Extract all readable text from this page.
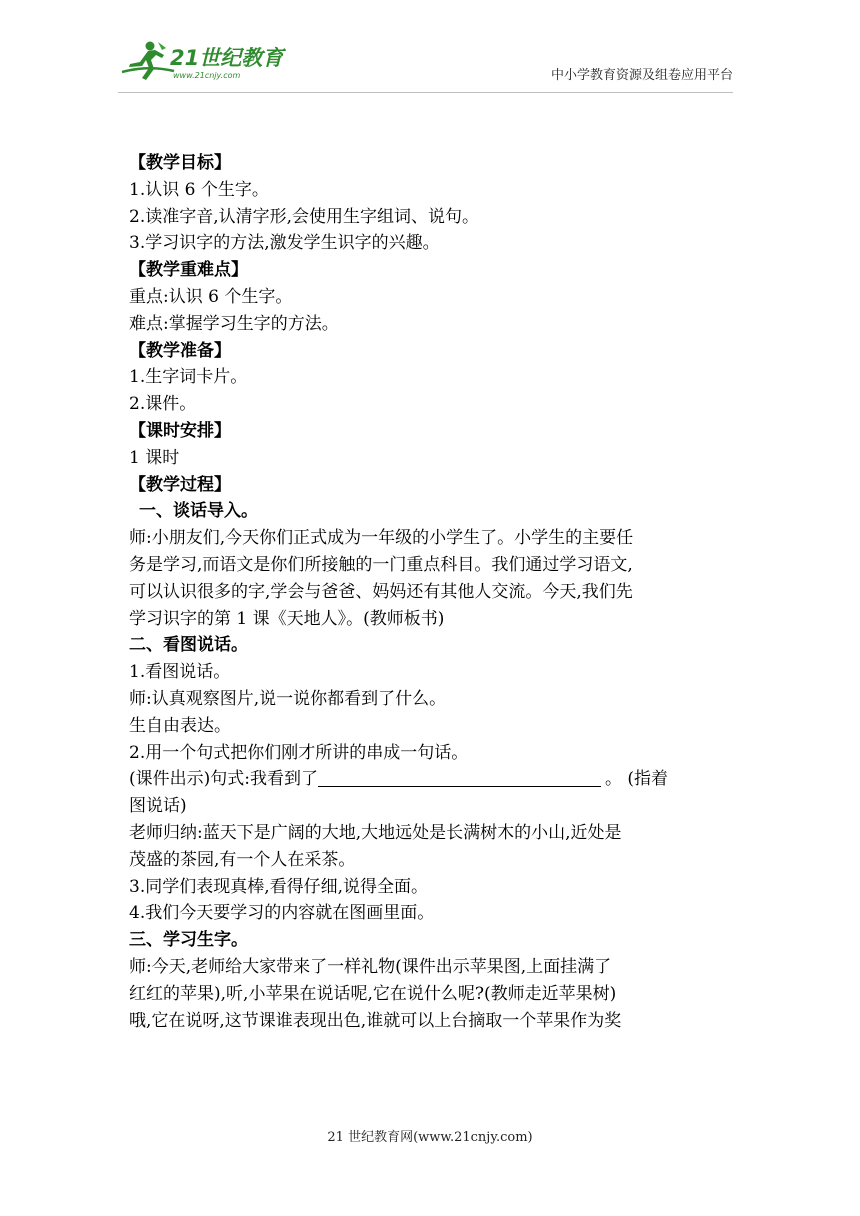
21世纪教育
www.21cnjy.com	中小学教育资源及组卷应用平台

【教学目标】

1.认识 6 个生字。

2.读准字音,认清字形,会使用生字组词、说句。

3.学习识字的方法,激发学生识字的兴趣。

【教学重难点】

重点:认识 6 个生字。

难点:掌握学习生字的方法。

【教学准备】

1.生字词卡片。

2.课件。

【课时安排】

1 课时

【教学过程】

一、谈话导入。

师:小朋友们,今天你们正式成为一年级的小学生了。小学生的主要任

务是学习,而语文是你们所接触的一门重点科目。我们通过学习语文,

可以认识很多的字,学会与爸爸、妈妈还有其他人交流。今天,我们先

学习识字的第 1 课《天地人》。(教师板书)

二、看图说话。

1.看图说话。

师:认真观察图片,说一说你都看到了什么。

生自由表达。

2.用一个句式把你们刚才所讲的串成一句话。

(课件出示)句式:我看到了	。 (指着

图说话)

老师归纳:蓝天下是广阔的大地,大地远处是长满树木的小山,近处是

茂盛的茶园,有一个人在采茶。

3.同学们表现真棒,看得仔细,说得全面。

4.我们今天要学习的内容就在图画里面。

三、学习生字。

师:今天,老师给大家带来了一样礼物(课件出示苹果图,上面挂满了

红红的苹果),听,小苹果在说话呢,它在说什么呢?(教师走近苹果树)

哦,它在说呀,这节课谁表现出色,谁就可以上台摘取一个苹果作为奖

21 世纪教育网(www.21cnjy.com)
